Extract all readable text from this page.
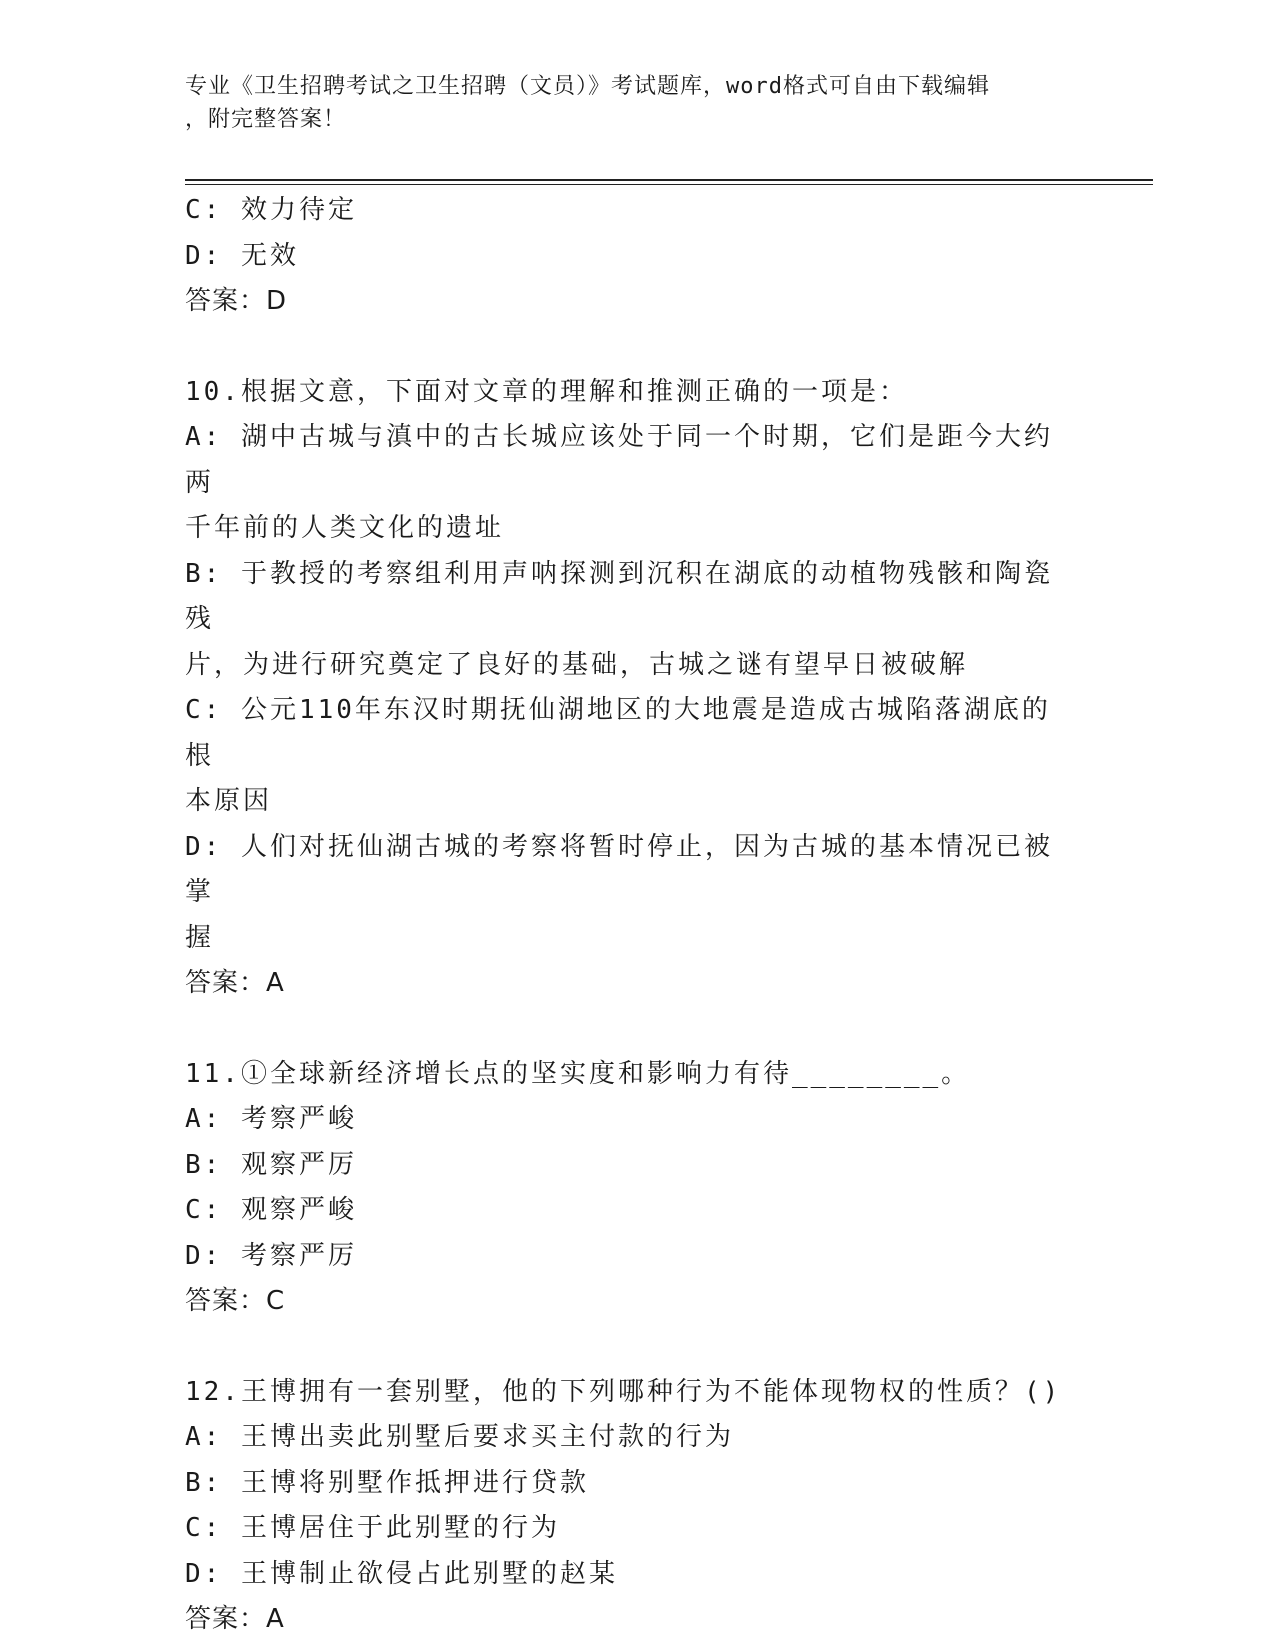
专业《卫生招聘考试之卫生招聘（文员）》考试题库，word格式可自由下载编辑
，附完整答案！
C: 效力待定
D: 无效
答案：D
10.根据文意，下面对文章的理解和推测正确的一项是：
A: 湖中古城与滇中的古长城应该处于同一个时期，它们是距今大约两
千年前的人类文化的遗址
B: 于教授的考察组利用声呐探测到沉积在湖底的动植物残骸和陶瓷残
片，为进行研究奠定了良好的基础，古城之谜有望早日被破解
C: 公元110年东汉时期抚仙湖地区的大地震是造成古城陷落湖底的根
本原因
D: 人们对抚仙湖古城的考察将暂时停止，因为古城的基本情况已被掌
握
答案：A
11.①全球新经济增长点的坚实度和影响力有待________。
A: 考察严峻
B: 观察严厉
C: 观察严峻
D: 考察严厉
答案：C
12.王博拥有一套别墅，他的下列哪种行为不能体现物权的性质？()
A: 王博出卖此别墅后要求买主付款的行为
B: 王博将别墅作抵押进行贷款
C: 王博居住于此别墅的行为
D: 王博制止欲侵占此别墅的赵某
答案：A
